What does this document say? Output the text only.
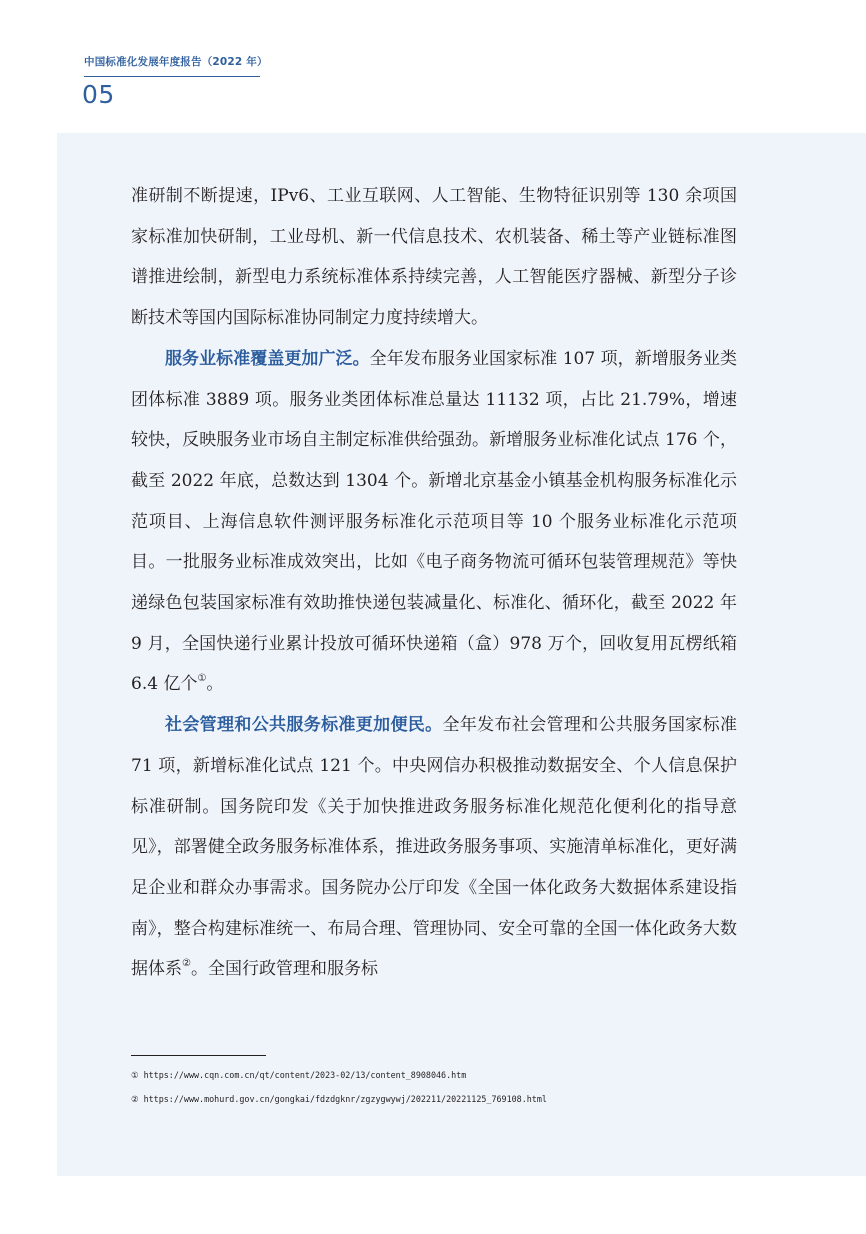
中国标准化发展年度报告（2022 年）
05

准研制不断提速，IPv6、工业互联网、人工智能、生物特征识别等 130 余项国家标准加快研制，工业母机、新一代信息技术、农机装备、稀土等产业链标准图谱推进绘制，新型电力系统标准体系持续完善，人工智能医疗器械、新型分子诊断技术等国内国际标准协同制定力度持续增大。

服务业标准覆盖更加广泛。全年发布服务业国家标准 107 项，新增服务业类团体标准 3889 项。服务业类团体标准总量达 11132 项，占比 21.79%，增速较快，反映服务业市场自主制定标准供给强劲。新增服务业标准化试点 176 个，截至 2022 年底，总数达到 1304 个。新增北京基金小镇基金机构服务标准化示范项目、上海信息软件测评服务标准化示范项目等 10 个服务业标准化示范项目。一批服务业标准成效突出，比如《电子商务物流可循环包装管理规范》等快递绿色包装国家标准有效助推快递包装减量化、标准化、循环化，截至 2022 年 9 月，全国快递行业累计投放可循环快递箱（盒）978 万个，回收复用瓦楞纸箱 6.4 亿个①。

社会管理和公共服务标准更加便民。全年发布社会管理和公共服务国家标准 71 项，新增标准化试点 121 个。中央网信办积极推动数据安全、个人信息保护标准研制。国务院印发《关于加快推进政务服务标准化规范化便利化的指导意见》，部署健全政务服务标准体系，推进政务服务事项、实施清单标准化，更好满足企业和群众办事需求。国务院办公厅印发《全国一体化政务大数据体系建设指南》，整合构建标准统一、布局合理、管理协同、安全可靠的全国一体化政务大数据体系②。全国行政管理和服务标

① https://www.cqn.com.cn/qt/content/2023-02/13/content_8908046.htm
② https://www.mohurd.gov.cn/gongkai/fdzdgknr/zgzygwywj/202211/20221125_769108.html
